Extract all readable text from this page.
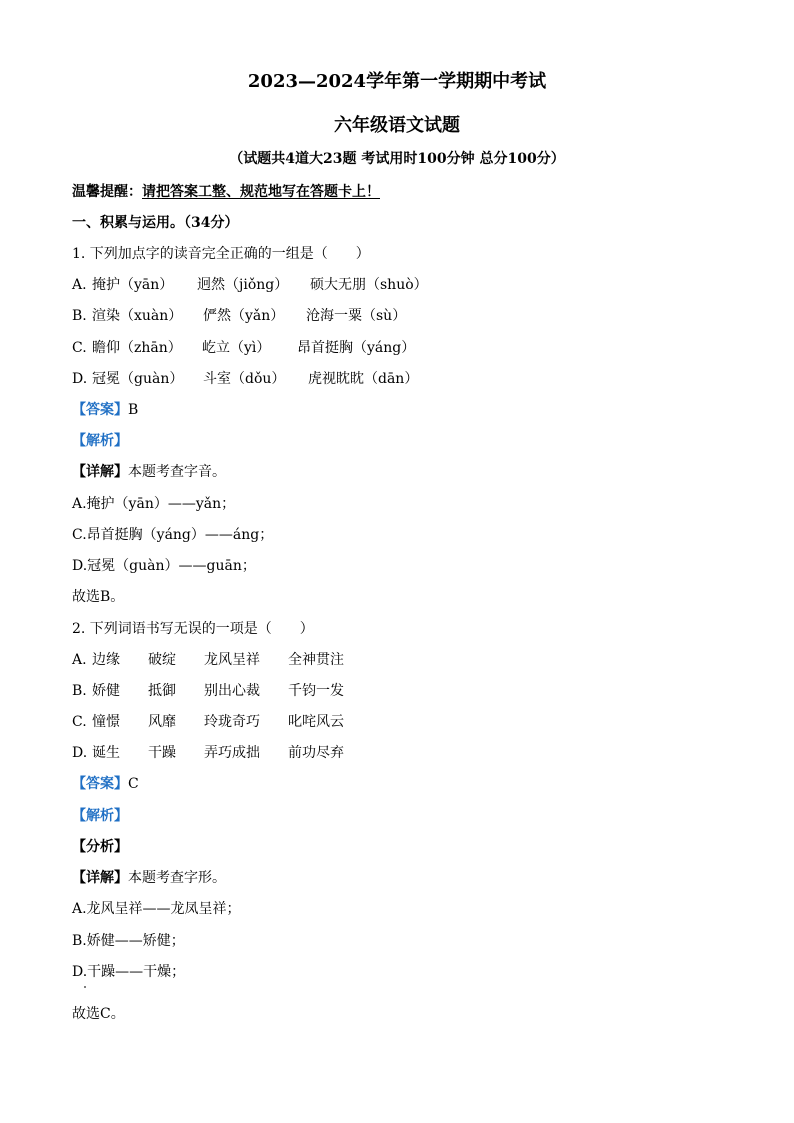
2023—2024学年第一学期期中考试
六年级语文试题
（试题共4道大23题 考试用时100分钟 总分100分）
温馨提醒：请把答案工整、规范地写在答题卡上！
一、积累与运用。（34分）
1. 下列加点字的读音完全正确的一组是（　　）
A. 掩护（yān） 迥然（jiǒng） 硕大无朋（shuò）
B. 渲染（xuàn） 俨然（yǎn） 沧海一粟（sù）
C. 瞻仰（zhān） 屹立（yì） 昂首挺胸（yáng）
D. 冠冕（guàn） 斗室（dǒu） 虎视眈眈（dān）
【答案】B
【解析】
【详解】本题考查字音。
A.掩护（yān）——yǎn；
C.昂首挺胸（yáng）——áng；
D.冠冕（guàn）——guān；
故选B。
2. 下列词语书写无误的一项是（　　）
A. 边缘 破绽 龙风呈祥 全神贯注
B. 娇健 抵御 别出心裁 千钧一发
C. 憧憬 风靡 玲珑奇巧 叱咤风云
D. 诞生 干躁 弄巧成拙 前功尽弃
【答案】C
【解析】
【分析】
【详解】本题考查字形。
A.龙风呈祥——龙凤呈祥；
B.娇健——矫健；
D.干躁——干燥；
故选C。
